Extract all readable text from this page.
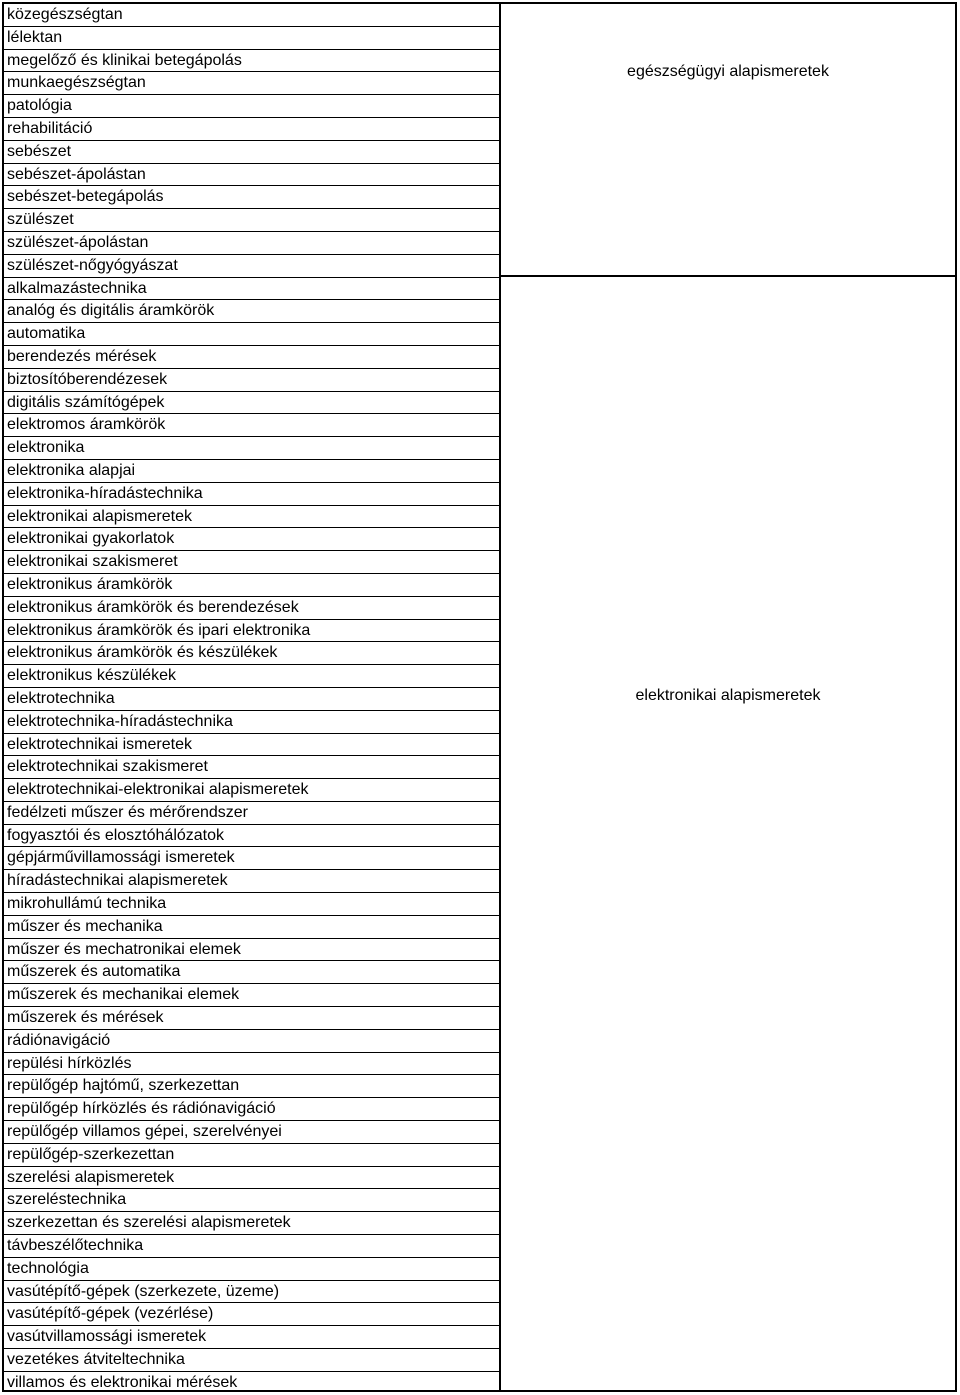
közegészségtan
lélektan
megelőző és klinikai betegápolás
munkaegészségtan
patológia
rehabilitáció
sebészet
sebészet-ápolástan
sebészet-betegápolás
szülészet
szülészet-ápolástan
szülészet-nőgyógyászat
alkalmazástechnika
analóg és digitális áramkörök
automatika
berendezés mérések
biztosítóberendézesek
digitális számítógépek
elektromos áramkörök
elektronika
elektronika alapjai
elektronika-híradástechnika
elektronikai alapismeretek
elektronikai gyakorlatok
elektronikai szakismeret
elektronikus áramkörök
elektronikus áramkörök és berendezések
elektronikus áramkörök és ipari elektronika
elektronikus áramkörök és készülékek
elektronikus készülékek
elektrotechnika
elektrotechnika-híradástechnika
elektrotechnikai ismeretek
elektrotechnikai szakismeret
elektrotechnikai-elektronikai alapismeretek
fedélzeti műszer és mérőrendszer
fogyasztói és elosztóhálózatok
gépjárművillamossági ismeretek
híradástechnikai alapismeretek
mikrohullámú technika
műszer és mechanika
műszer és mechatronikai elemek
műszerek és automatika
műszerek és mechanikai elemek
műszerek és mérések
rádiónavigáció
repülési hírközlés
repülőgép hajtómű, szerkezettan
repülőgép hírközlés és rádiónavigáció
repülőgép villamos gépei, szerelvényei
repülőgép-szerkezettan
szerelési alapismeretek
szereléstechnika
szerkezettan és szerelési alapismeretek
távbeszélőtechnika
technológia
vasútépítő-gépek (szerkezete, üzeme)
vasútépítő-gépek (vezérlése)
vasútvillamossági ismeretek
vezetékes átviteltechnika
villamos és elektronikai mérések
egészségügyi alapismeretek
elektronikai alapismeretek
